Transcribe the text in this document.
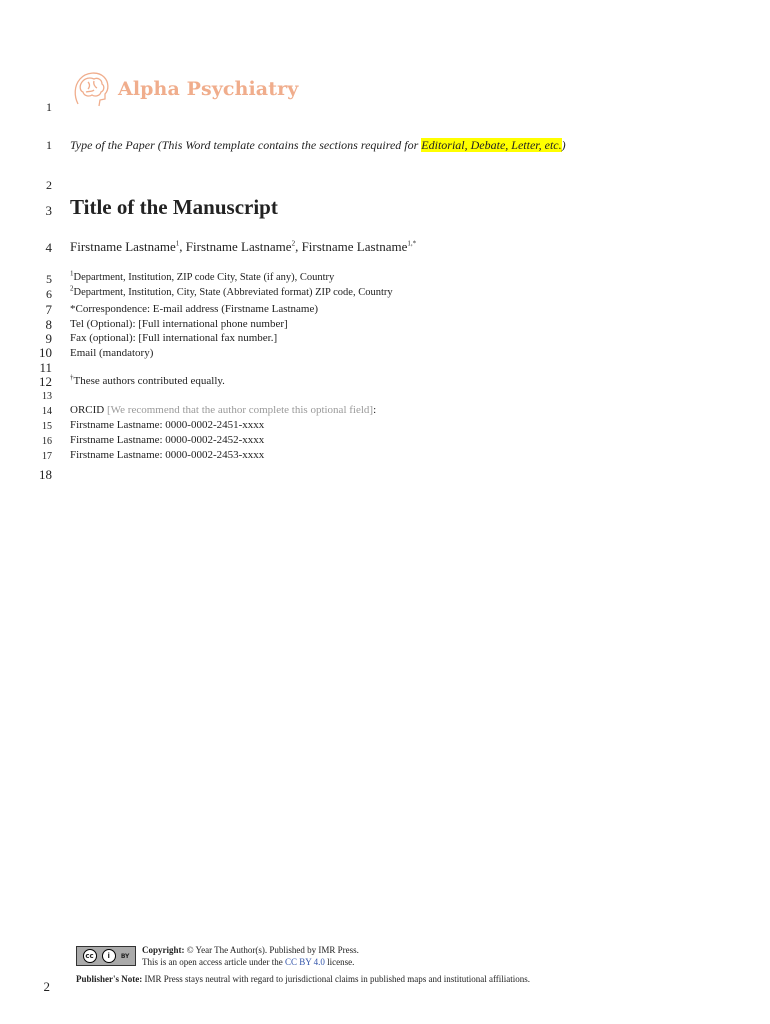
Alpha Psychiatry
1
1 Type of the Paper (This Word template contains the sections required for Editorial, Debate, Letter, etc.)
2
3 Title of the Manuscript
4 Firstname Lastname$^1$, Firstname Lastname$^2$, Firstname Lastname$^{1,*}$
5	$^1$Department, Institution, ZIP code City, State (if any), Country
6	$^2$Department, Institution, City, State (Abbreviated format) ZIP code, Country
7 *Correspondence: E-mail address (Firstname Lastname)
8 Tel (Optional): [Full international phone number]
9 Fax (optional): [Full international fax number.]
10 Email (mandatory)
11
12	†These authors contributed equally.
13
14 ORCID [We recommend that the author complete this optional field]:
15 Firstname Lastname: 0000-0002-2451-xxxx
16 Firstname Lastname: 0000-0002-2452-xxxx
17 Firstname Lastname: 0000-0002-2453-xxxx
18
cc	i	BY
Copyright: © Year The Author(s). Published by IMR Press.
This is an open access article under the CC BY 4.0 license.
Publisher's Note: IMR Press stays neutral with regard to jurisdictional claims in published maps and institutional affiliations.
2
